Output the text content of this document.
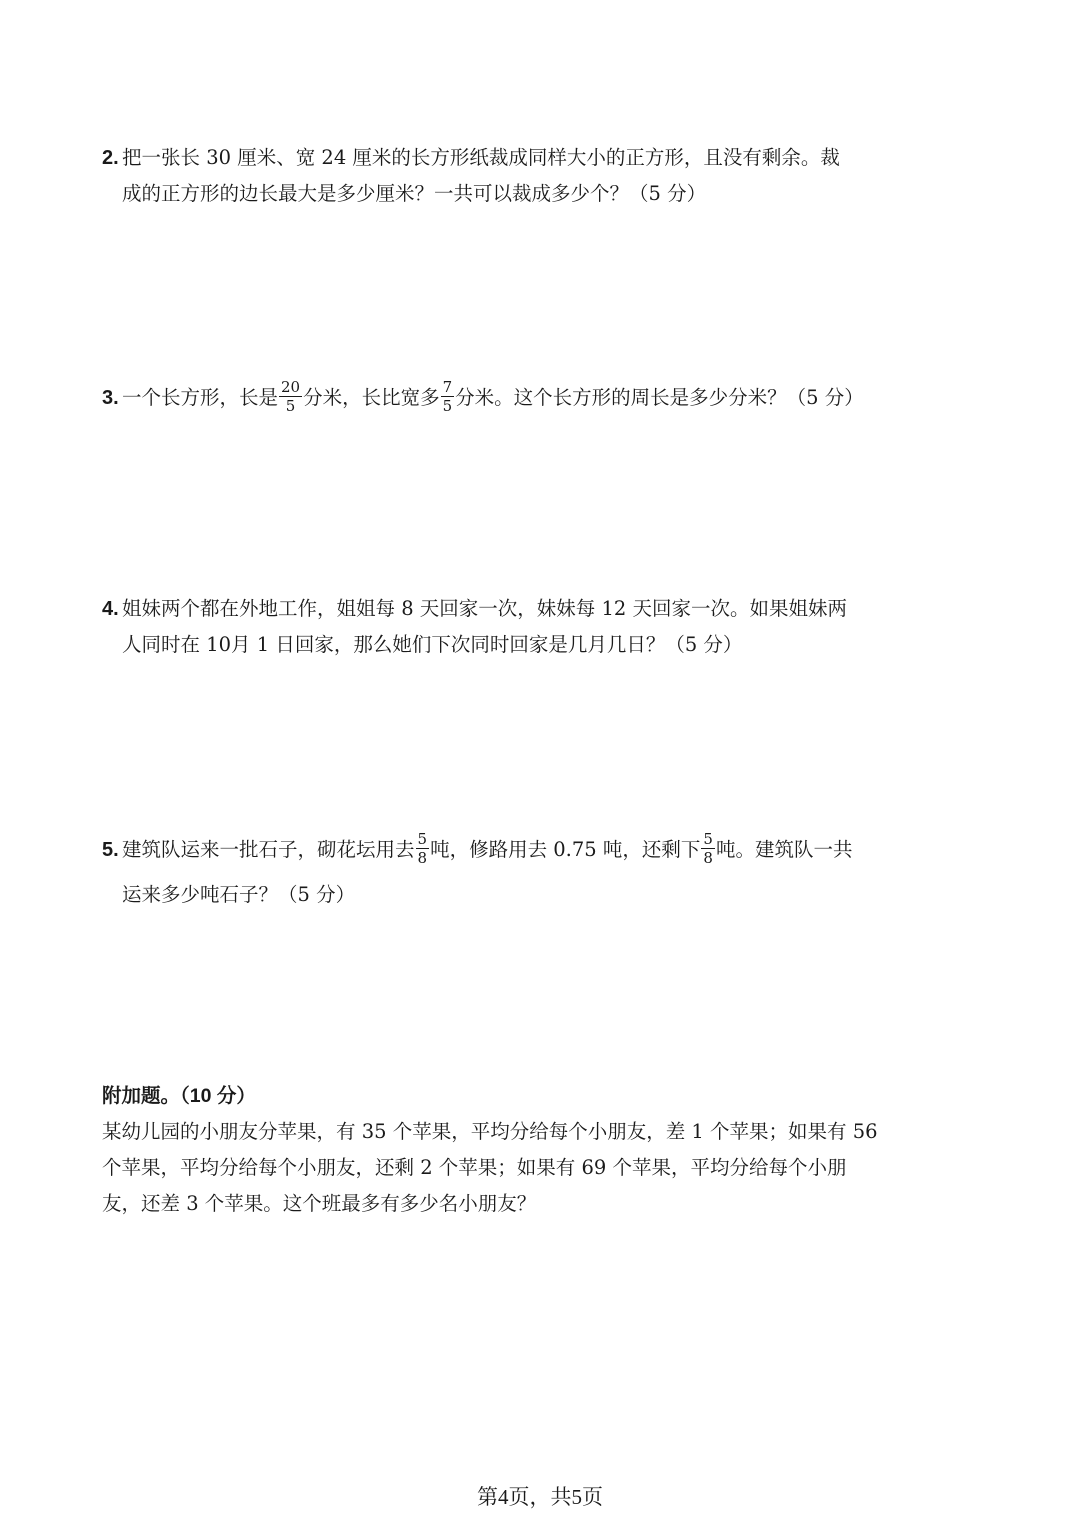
2. 把一张长 30 厘米、宽 24 厘米的长方形纸裁成同样大小的正方形，且没有剩余。裁
成的正方形的边长最大是多少厘米？一共可以裁成多少个？（5 分）
3. 一个长方形，长是 $\frac{20}{5}$ 分米，长比宽多 $\frac{7}{5}$ 分米。这个长方形的周长是多少分米？（5 分）
4. 姐妹两个都在外地工作，姐姐每 8 天回家一次，妹妹每 12 天回家一次。如果姐妹两
人同时在 10月 1 日回家，那么她们下次同时回家是几月几日？（5 分）
5. 建筑队运来一批石子，砌花坛用去 $\frac{5}{8}$ 吨，修路用去 0.75 吨，还剩下 $\frac{5}{8}$ 吨。建筑队一共
运来多少吨石子？（5 分）
附加题。（10 分）
某幼儿园的小朋友分苹果，有 35 个苹果，平均分给每个小朋友，差 1 个苹果；如果有 56
个苹果，平均分给每个小朋友，还剩 2 个苹果；如果有 69 个苹果，平均分给每个小朋
友，还差 3 个苹果。这个班最多有多少名小朋友？
第4页，共5页
